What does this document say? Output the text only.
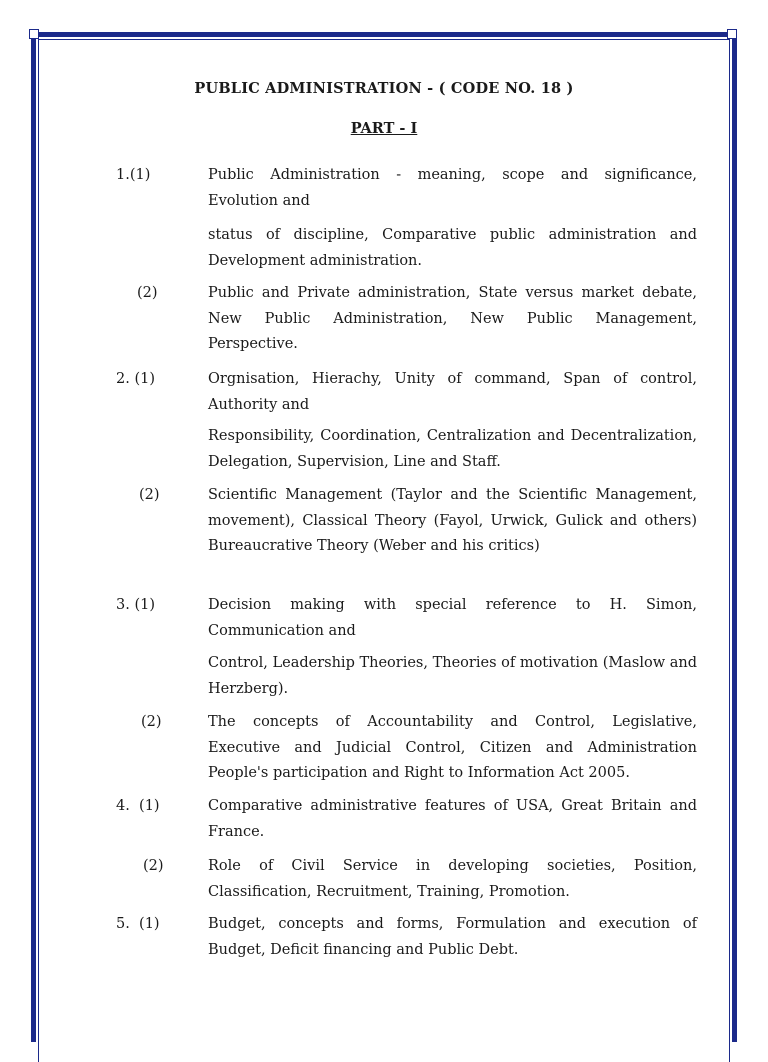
PUBLIC ADMINISTRATION - ( CODE NO. 18 )
PART - I
1.(1)	Public Administration - meaning, scope and significance, Evolution and
status of discipline, Comparative public administration and Development administration.
(2)	Public and Private administration, State versus market debate, New Public Administration, New Public Management, Perspective.
2. (1)	Orgnisation, Hierachy, Unity of command, Span of control, Authority and
Responsibility, Coordination, Centralization and Decentralization, Delegation, Supervision, Line and Staff.
(2)	Scientific Management (Taylor and the Scientific Management, movement), Classical Theory (Fayol, Urwick, Gulick and others) Bureaucrative Theory (Weber and his critics)
3. (1)	Decision making with special reference to H. Simon, Communication and
Control, Leadership Theories, Theories of motivation (Maslow and Herzberg).
(2)	The concepts of Accountability and Control, Legislative, Executive and Judicial Control, Citizen and Administration People's participation and Right to Information Act 2005.
4.  (1)	Comparative administrative features of USA, Great Britain and France.
(2)	Role of Civil Service in developing societies, Position, Classification, Recruitment, Training, Promotion.
5.  (1)	Budget, concepts and forms, Formulation and execution of Budget, Deficit financing and Public Debt.
